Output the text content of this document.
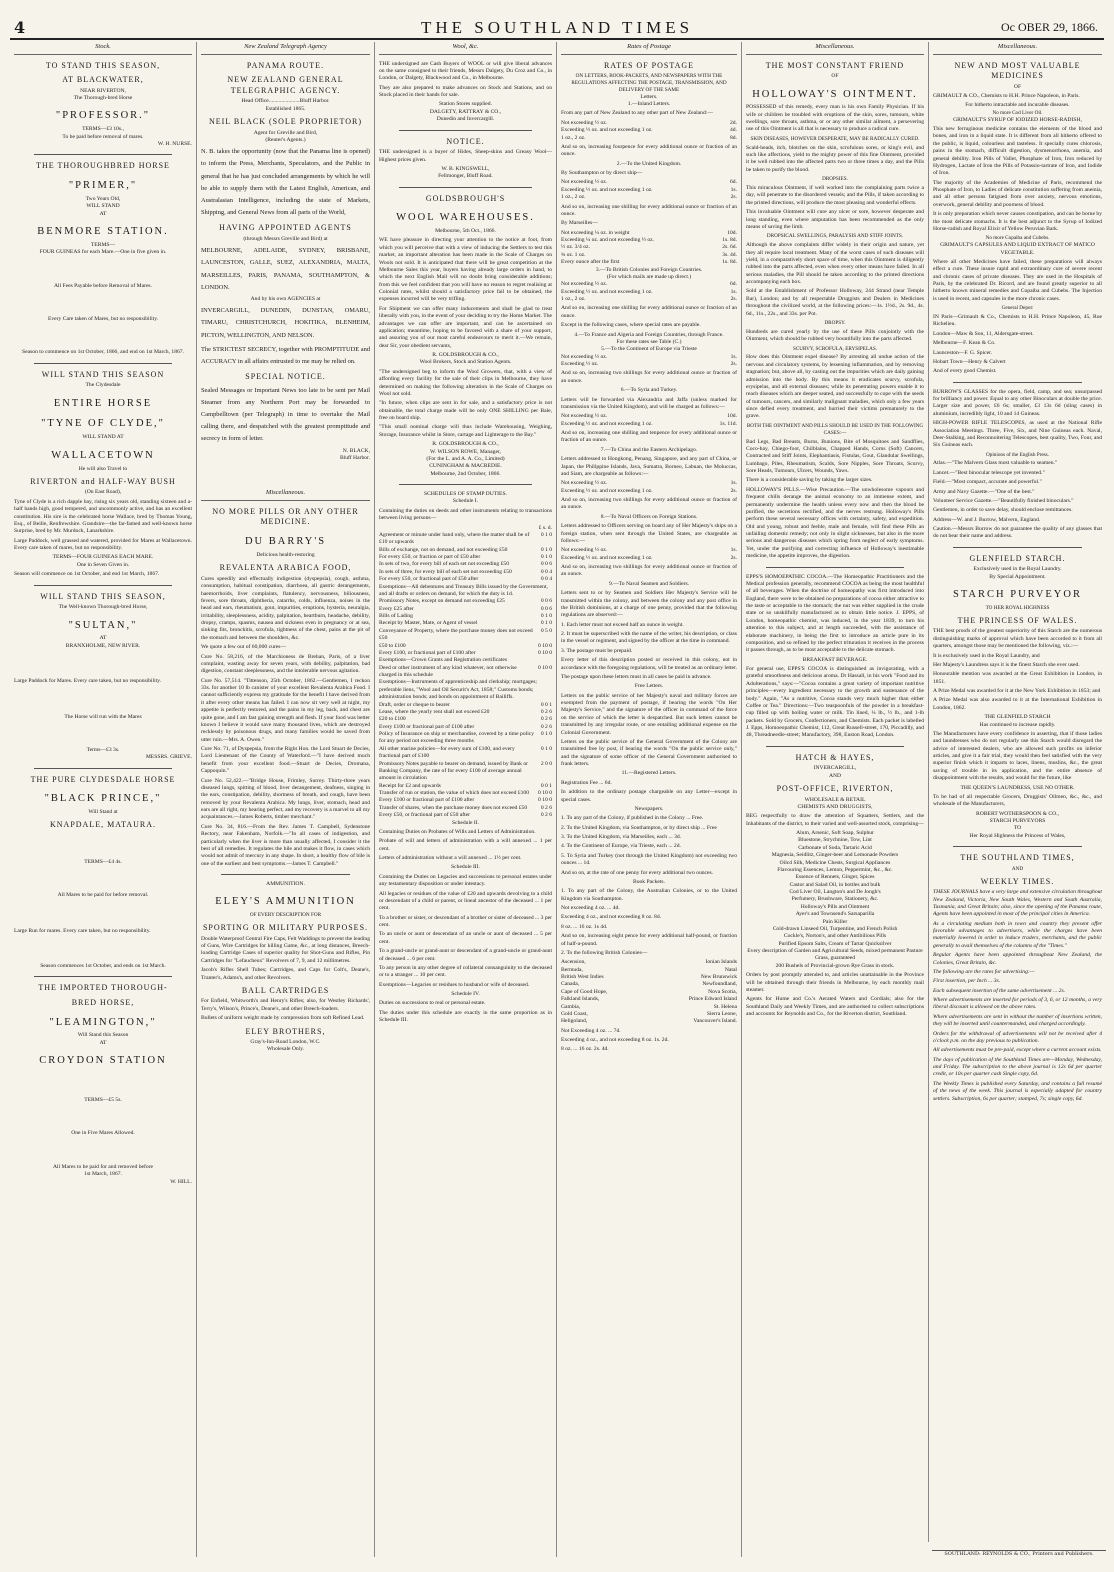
4	THE SOUTHLAND TIMES	Oc OBER 29, 1866.
Stock.
TO STAND THIS SEASON,
AT BLACKWATER,
NEAR RIVERTON,
The Thorough-bred Horse
"PROFESSOR."
TERMS—£3 10s.,
To be paid before removal of mares.
W. H. NURSE.
THE THOROUGHBRED HORSE
"PRIMER,"
Two Years Old,
WILL STAND
AT
BENMORE STATION.
TERMS—
FOUR GUINEAS for each Mare.—One in five given in.
All Fees Payable before Removal of Mares.
Every Care taken of Mares, but no responsibility.
Season to commence on 1st October, 1866, and end on 1st March, 1867.
WILL STAND THIS SEASON
The Clydesdale
ENTIRE HORSE
"TYNE OF CLYDE,"
WILL STAND AT
WALLACETOWN
He will also Travel to
RIVERTON and HALF-WAY BUSH
(On East Road),
Tyne of Clyde is a rich dapple bay, rising six years old, standing sixteen and a-half hands high, good tempered, and uncommonly active, and has an excellent constitution. His sire is the celebrated horse Wallace, bred by Thomas Young, Esq., of Beille, Renfrewshire. Grandsire—the far-famed and well-known horse Surprise, bred by Mr. Murdock, Lanarkshire.
Large Paddock, well grassed and watered, provided for Mares at Wallacetown. Every care taken of mares, but no responsibility.
TERMS—FOUR GUINEAS EACH MARE.
One in Seven Given in.
Season will commence on 1st October, and end 1st March, 1867.
WILL STAND THIS SEASON,
The Well-known Thorough-bred Horse,
"SULTAN,"
AT
BRANXHOLME, NEW RIVER.
Large Paddock for Mares. Every care taken, but no responsibility.
The Horse will run with the Mares
Terms—£3 3s.
MESSRS. GRIEVE.
THE PURE CLYDESDALE HORSE
"BLACK PRINCE,"
Will Stand at
KNAPDALE, MATAURA.
TERMS—£4 4s.
All Mares to be paid for before removal.
Large Run for mares. Every care taken, but no responsibility.
Season commences 1st October, and ends on 1st March.
THE IMPORTED THOROUGH-
BRED HORSE,
"LEAMINGTON,"
Will Stand this Season
AT
CROYDON STATION
TERMS—£5 5s.
One in Five Mares Allowed.
All Mares to be paid for and removed before
1st March, 1867.
W. HILL.
New Zealand Telegraph Agency
PANAMA ROUTE.
NEW ZEALAND GENERAL TELEGRAPHIC AGENCY.
Head Office......................Bluff Harbor.
Established 1865.
NEIL BLACK (SOLE PROPRIETOR)
Agent for Greville and Bird,
(Reuter's Agents.)
N. B. takes the opportunity (now that the Panama line is opened) to inform the Press, Merchants, Speculators, and the Public in general that he has just concluded arrangements by which he will be able to supply them with the Latest English, American, and Australasian Intelligence, including the state of Markets, Shipping, and General News from all parts of the World,
HAVING APPOINTED AGENTS
(through Messrs Greville and Bird) at
MELBOURNE, ADELAIDE, SYDNEY, BRISBANE, LAUNCESTON, GALLE, SUEZ, ALEXANDRIA, MALTA, MARSEILLES, PARIS, PANAMA, SOUTHAMPTON, & LONDON.
And by his own AGENCIES at
INVERCARGILL, DUNEDIN, DUNSTAN, OMARU, TIMARU, CHRISTCHURCH, HOKITIKA, BLENHEIM, PICTON, WELLINGTON, AND NELSON.
The STRICTEST SECRECY, together with PROMPTITUDE and ACCURACY in all affairs entrusted to me may be relied on.
SPECIAL NOTICE.
Sealed Messages or Important News too late to be sent per Mail Steamer from any Northern Port may be forwarded to Campbelltown (per Telegraph) in time to overtake the Mail calling there, and despatched with the greatest promptitude and secrecy in form of letter.
N. BLACK,
Bluff Harbor.
Miscellaneous.
NO MORE PILLS OR ANY OTHER MEDICINE.
DU BARRY'S
Delicious health-restoring
REVALENTA ARABICA FOOD,
Cures speedily and effectually indigestion (dyspepsia), cough, asthma, consumption, habitual constipation, diarrhoea, all gastric derangements, haemorrhoids, liver complaints, flatulency, nervousness, biliousness, fevers, sore throats, diphtheria, catarrhs, colds, influenza, noises in the head and ears, rheumatism, gout, impurities, eruptions, hysteria, neuralgia, irritability, sleeplessness, acidity, palpitation, heartburn, headache, debility, dropsy, cramps, spasms, nausea and sickness even in pregnancy or at sea, sinking fits, bronchitis, scrofula, tightness of the chest, pains at the pit of the stomach and between the shoulders, &c.
We quote a few out of 60,000 cures—
Cure No. 58,216, of the Marchioness de Brehan, Paris, of a liver complaint, wasting away for seven years, with debility, palpitation, bad digestion, constant sleeplessness, and the intolerable nervous agitation.
Cure No. 57,514. "Tittenson, 25th October, 1862.—Gentlemen, I reckon 33s. for another 10 lb canister of your excellent Revalenta Arabica Food. I cannot sufficiently express my gratitude for the benefit I have derived from it after every other means has failed. I can now sit very well at night, my appetite is perfectly restored, and the pains in my leg, back, and chest are quite gone, and I am fast gaining strength and flesh. If your food was better known I believe it would save many thousand lives, which are destroyed recklessly by poisonous drugs, and many families would be saved from utter ruin.—Mrs. A. Owen."
Cure No. 71, of Dyspepsia, from the Right Hon. the Lord Stuart de Decies, Lord Lieutenant of the County of Waterford.—"I have derived much benefit from your excellent food.—Stuart de Decies, Dromana, Cappoquin."
Cure No. 52,422.—"Bridge House, Frimley, Surrey. Thirty-three years diseased lungs, spitting of blood, liver derangement, deafness, singing in the ears, constipation, debility, shortness of breath, and cough, have been removed by your Revalenta Arabica. My lungs, liver, stomach, head and ears are all right, my hearing perfect, and my recovery is a marvel to all my acquaintances.—James Roberts, timber merchant."
Cure No. 34, 816.—From the Rev. James T. Campbell, Sydenstone Rectory, near Fakenham, Norfolk.—"In all cases of indigestion, and particularly when the liver is more than usually affected, I consider it the best of all remedies. It regulates the bile and makes it flow, in cases which would not admit of mercury in any shape. In short, a healthy flow of bile is one of the earliest and best symptoms.—James T. Campbell."
AMMUNITION.
ELEY'S AMMUNITION
OF EVERY DESCRIPTION FOR
SPORTING OR MILITARY PURPOSES.
Double Waterproof Central Fire Caps, Felt Waddings to prevent the leading of Guns, Wire Cartridges for killing Game, &c., at long distances, Breech-loading Cartridge Cases of superior quality for Shot-Guns and Rifles, Pin Cartridges for "Lefaucheux" Revolvers of 7, 9, and 12 millimetres.
Jacob's Rifles Shell Tubes; Cartridges, and Caps for Colt's, Deane's, Tranter's, Adams's, and other Revolvers.
BALL CARTRIDGES
For Enfield, Whitworth's and Henry's Rifles; also, for Westley Richards', Terry's, Wilson's, Prince's, Deane's, and other Breech-loaders.
Bullets of uniform weight made by compression from soft Refined Lead.
ELEY BROTHERS,
Gray's-Inn-Road London, W.C.
Wholesale Only.
Wool, &c.
THE undersigned are Cash Buyers of WOOL or will give liberal advances on the same consigned to their friends, Messrs Dalgety, Du Croz and Co., in London, or Dalgety, Blackwood and Co., in Melbourne.
They are also prepared to make advances on Stock and Stations, and on Stock placed in their hands for sale.
Station Stores supplied.
DALGETY, RATTRAY & CO.,
Dunedin and Invercargill.
NOTICE.
THE undersigned is a buyer of Hides, Sheep-skins and Greasy Wool—Highest prices given.
W. B. KINGSWELL,
Fellmonger, Bluff Road.
GOLDSBROUGH'S
WOOL WAREHOUSES.
Melbourne, 5th Oct., 1866.
WE have pleasure in directing your attention to the notice at foot, from which you will perceive that with a view of inducing the Settlers to test this market, an important alteration has been made in the Scale of Charges on Wools not sold. It is anticipated that there will be great competition at the Melbourne Sales this year, buyers having already large orders in hand, to which the next English Mail will no doubt bring considerable additions; from this we feel confident that you will have no reason to regret realising at Colonial rates, whilst should a satisfactory price fail to be obtained, the expenses incurred will be very trifling.
For Shipment we can offer many inducements and shall be glad to treat liberally with you, in the event of your deciding to try the Home Market. The advantages we can offer are important, and can be ascertained on application; meantime, hoping to be favored with a share of your support, and assuring you of our most careful endeavours to merit it.—We remain, dear Sir, your obedient servants,
R. GOLDSBROUGH & CO.,
Wool Brokers, Stock and Station Agents.
"The undersigned beg to inform the Wool Growers, that, with a view of affording every facility for the sale of their clips in Melbourne, they have determined on making the following alteration in the Scale of Charges on Wool not sold.
"In future, when clips are sent in for sale, and a satisfactory price is not obtainable, the total charge made will be only ONE SHILLING per Bale, free on board ship.
"This small nominal charge will thus include Warehousing, Weighing, Storage, Insurance whilst in Store, cartage and Lighterage to the Bay."
R. GOLDSBROUGH & CO.,
W. WILSON ROWE, Manager,
(For the L. and A. A. Co., Limited)
CUNINGHAM & MACREDIE.
Melbourne, 2nd October, 1866.
SCHEDULES OF STAMP DUTIES.
Schedule I.
Containing the duties on deeds and other instruments relating to transactions between living persons—
£ s. d.
Agreement or minute under hand only, where the matter shall be of £10 or upwards
0 1 0
Bills of exchange, not on demand, and not exceeding £50	0 1 0
For every £50, or fraction or part of £50 after	0 1 0
In sets of two, for every bill of each set not exceeding £50	0 0 6
In sets of three, for every bill of each set not exceeding £50	0 0 4
For every £50, or fractional part of £50 after	0 0 4
Exemptions—All debentures and Treasury Bills issued by the Government, and all drafts or orders on demand, for which the duty is 1d.
Promissory Notes, except on demand not exceeding £25	0 0 6
Every £25 after	0 0 6
Bills of Lading	0 1 0
Receipt by Master, Mate, or Agent of vessel	0 1 0
Conveyance of Property, where the purchase money does not exceed £50
0 5 0
£50 to £100	0 10 0
Every £100, or fractional part of £100 after	0 10 0
Exemptions—Crown Grants and Registration certificates
Deed or other instrument of any kind whatever, not otherwise charged in this schedule
0 10 0
Exemptions—Instruments of apprenticeship and clerkship; mortgages; preferable liens, "Wool and Oil Securit's Act, 1858;" Customs bonds; administration bonds; and bonds on appointment of Bailiffs.
Draft, order or cheque to bearer	0 0 1
Lease, where the yearly rent shall not exceed £20	0 2 6
£20 to £100	0 2 6
Every £100 or fractional part of £100 after	0 2 6
Policy of Insurance on ship or merchandise, covered by a time policy for any period not exceeding three months
0 1 0
All other marine policies—for every sum of £100, and every fractional part of £100
0 1 0
Promissory Notes payable to bearer on demand, issued by Bank or Banking Company, the rate of for every £100 of average annual amount in circulation
2 0 0
Receipt for £2 and upwards	0 0 1
Transfer of run or station, the value of which does not exceed £100	0 10 0
Every £100 or fractional part of £100 after	0 10 0
Transfer of shares, when the purchase money does not exceed £50	0 2 6
Every £50, or fractional part of £50 after	0 2 6
Schedule II.
Containing Duties on Probates of Wills and Letters of Administration.
Probate of will and letters of administration with a will annexed ... 1 per cent.
Letters of administration without a will annexed ... 1½ per cent.
Schedule III.
Containing the Duties on Legacies and successions to personal estates under any testamentary disposition or under intestacy.
All legacies or residues of the value of £20 and upwards devolving to a child or descendant of a child or parent, or lineal ancestor of the deceased ... 1 per cent.
To a brother or sister, or descendant of a brother or sister of deceased ... 3 per cent.
To an uncle or aunt or descendant of an uncle or aunt of deceased ... 5 per cent.
To a grand-uncle or grand-aunt or descendant of a grand-uncle or grand-aunt of deceased ... 6 per cent.
To any person in any other degree of collateral consanguinity to the deceased or to a stranger ... 10 per cent.
Exemptions—Legacies or residues to husband or wife of deceased.
Schedule IV.
Duties on successions to real or personal estate.
The duties under this schedule are exactly in the same proportion as in Schedule III.
Rates of Postage
RATES OF POSTAGE
ON LETTERS, BOOK-PACKETS, AND NEWSPAPERS WITH THE REGULATIONS AFFECTING THE POSTAGE, TRANSMISSION, AND DELIVERY OF THE SAME
Letters.
1.—Inland Letters.
From any part of New Zealand to any other part of New Zealand:—
Not exceeding ½ oz.	2d.
Exceeding ½ oz. and not exceeding 1 oz.	4d.
1 oz., 2 oz.	8d.
And so on, increasing fourpence for every additional ounce or fraction of an ounce.
2.—To the United Kingdom.
By Southampton or by direct ship—
Not exceeding ½ oz.	6d.
Exceeding ½ oz. and not exceeding 1 oz.	1s.
1 oz., 2 oz.	2s.
And so on, increasing one shilling for every additional ounce or fraction of an ounce.
By Marseilles—
Not exceeding ¼ oz. in weight	10d.
Exceeding ¼ oz. and not exceeding ½ oz.	1s. 8d.
½ oz. 3/4 oz.	2s. 6d.
¾ oz. 1 oz.	3s. 4d.
Every ounce after the first	1s. 8d.
3.—To British Colonies and Foreign Countries.
(For which mails are made up direct.)
Not exceeding ½ oz.	6d.
Exceeding ½ oz. and not exceeding 1 oz.	1s.
1 oz., 2 oz.	2s.
And so on, increasing one shilling for every additional ounce or fraction of an ounce.
Except in the following cases, where special rates are payable.
4.—To France and Algeria and Foreign Countries, through France.
For these rates see Table (C.)
5.—To the Continent of Europe via Trieste
Not exceeding ½ oz.	1s.
Exceeding ½ oz.	2s.
And so on, increasing two shillings for every additional ounce or fraction of an ounce.
6.—To Syria and Turkey.
Letters will be forwarded via Alexandria and Jaffa (unless marked for transmission via the United Kingdom), and will be charged as follows:—
Not exceeding ½ oz.	10d.
Exceeding ½ oz. and not exceeding 1 oz.	1s. 11d.
And so on, increasing one shilling and tenpence for every additional ounce or fraction of an ounce.
7.—To China and the Eastern Archipelago.
Letters addressed to Hongkong, Penang, Singapore, and any part of China, or Japan, the Philippine Islands, Java, Sumatra, Borneo, Labuan, the Moluccas, and Siam, are chargeable as follows:—
Not exceeding ½ oz.	1s.
Exceeding ½ oz. and not exceeding 1 oz.	2s.
And so on, increasing two shillings for every additional ounce or fraction of an ounce.
8.—To Naval Officers on Foreign Stations.
Letters addressed to Officers serving on board any of Her Majesty's ships on a foreign station, when sent through the United States, are chargeable as follows:—
Not exceeding ½ oz.	1s.
Exceeding ½ oz. and not exceeding 1 oz.	2s.
And so on, increasing two shillings for every additional ounce or fraction of an ounce.
9.—To Naval Seamen and Soldiers.
Letters sent to or by Seamen and Soldiers Her Majesty's Service will be transmitted within the colony, and between the colony and any post office in the British dominions, at a charge of one penny, provided that the following regulations are observed:—
1. Each letter must not exceed half an ounce in weight.
2. It must be superscribed with the name of the writer, his description, or class in the vessel or regiment, and signed by the officer at the time in command.
3. The postage must be prepaid.
Every letter of this description posted or received in this colony, not in accordance with the foregoing regulations, will be treated as an ordinary letter.
The postage upon these letters must in all cases be paid in advance.
Free Letters.
Letters on the public service of her Majesty's naval and military forces are exempted from the payment of postage, if bearing the words "On Her Majesty's Service," and the signature of the officer in command of the force on the service of which the letter is despatched. But such letters cannot be transmitted by any irregular route, or one entailing additional expense on the Colonial Government.
Letters on the public service of the General Government of the Colony are transmitted free by post, if bearing the words "On the public service only," and the signature of some officer of the General Government authorised to frank letters.
11.—Registered Letters.
Registration Fee ... 6d.
In addition to the ordinary postage chargeable on any Letter—except in special cases.
Newspapers.
1. To any part of the Colony, if published in the Colony ... Free.
2. To the United Kingdom, via Southampton, or by direct ship ... Free
3. To the United Kingdom, via Marseilles, each ... 3d.
4. To the Continent of Europe, via Trieste, each ... 2d.
5. To Syria and Turkey (not through the United Kingdom) not exceeding two ounces ... 1d.
And so on, at the rate of one penny for every additional two ounces.
Book Packets.
1. To any part of the Colony, the Australian Colonies, or to the United Kingdom via Southampton.
Not exceeding 4 oz. ... 4d.
Exceeding 4 oz., and not exceeding 8 oz. 8d.
8 oz. ... 16 oz. 1s 4d.
And so on, increasing eight pence for every additional half-pound, or fraction of half-a-pound.
2. To the following British Colonies—
Ascension,	Ionian Islands
Bermuda,	Natal
British West Indies	New Brunswick
Canada,	Newfoundland,
Cape of Good Hope,	Nova Scotia,
Falkland Islands,	Prince Edward Island
Gambia,	St. Helena
Gold Coast,	Sierra Leone,
Heligoland,	Vancouver's Island.
Not Exceeding 4 oz. ... 7d.
Exceeding 4 oz., and not exceeding 8 oz. 1s. 2d.
8 oz. ... 16 oz. 2s. 4d.
Miscellaneous.
THE MOST CONSTANT FRIEND
OF
HOLLOWAY'S OINTMENT.
POSSESSED of this remedy, every man is his own Family Physician. If his wife or children be troubled with eruptions of the skin, sores, tumours, white swellings, sore throats, asthma, or or any other similar ailment, a persevering use of this Ointment is all that is necessary to produce a radical cure.
SKIN DISEASES, HOWEVER DESPERATE, MAY BE RADICALLY CURED.
Scald-heads, itch, blotches on the skin, scrofulous sores, or king's evil, and such like affections, yield to the mighty power of this fine Ointment, provided it be well rubbed into the affected parts two or three times a day, and the Pills be taken to purify the blood.
DROPSIES.
This miraculous Ointment, if well worked into the complaining parts twice a day, will penetrate to the disordered vessels; and the Pills, if taken according to the printed directions, will produce the most pleasing and wonderful effects.
This invaluable Ointment will cure any ulcer or sore, however desperate and long standing, even where amputation has been recommended as the only means of saving the limb.
DROPSICAL SWELLINGS, PARALYSIS AND STIFF JOINTS.
Although the above complaints differ widely in their origin and nature, yet they all require local treatment. Many of the worst cases of such diseases will yield, in a comparatively short space of time, when this Ointment is diligently rubbed into the parts affected, even when every other means have failed. In all serious maladies, the Pill should be taken according to the printed directions accompanying each box.
Sold at the Establishment of Professor Holloway, 244 Strand (near Temple Bar), London; and by all respectable Druggists and Dealers in Medicines throughout the civilized world, at the following prices:—1s. 1½d., 2s. 9d., 4s. 6d., 11s., 22s., and 33s. per Pot.
DROPSY.
Hundreds are cured yearly by the use of these Pills conjointly with the Ointment, which should be rubbed very bountifully into the parts affected.
SCURVY, SCROFULA, ERYSIPELAS.
How does this Ointment expel disease? By arresting all undue action of the nervous and circulatory systems, by lessening inflammation, and by removing stagnation; but, above all, by casting out the impurities which are daily gaining admission into the body. By this means it eradicates scurvy, scrofula, erysipelas, and all external diseases; while its penetrating powers enable it to reach diseases which are deeper seated, and successfully to cope with the seeds of tumours, cancers, and similarly malignant maladies, which only a few years since defied every treatment, and hurried their victims prematurely to the grave.
BOTH THE OINTMENT AND PILLS SHOULD BE USED IN THE FOLLOWING CASES:—
Bad Legs, Bad Breasts, Burns, Bunions, Bite of Mosquitoes and Sandflies, Coco-bay, Chiego-foot, Chilblains, Chapped Hands, Corns (Soft) Cancers, Contracted and Stiff Joints, Elephantiasis, Fistulas, Gout, Glandular Swellings, Lumbago, Piles, Rheumatism, Scalds, Sore Nipples, Sore Throats, Scurvy, Sore Heads, Tumours, Ulcers, Wounds, Yaws.
There is a considerable saving by taking the larger sizes.
HOLLOWAY'S PILLS.—Wise Precaution.—The unwholesome vapours and frequent chills derange the animal economy to an immense extent, and permanently undermine the health unless every now and then the blood be purified, the secretions rectified, and the nerves restrung. Holloway's Pills perform these several necessary offices with certainty, safety, and expedition. Old and young, robust and feeble, male and female, will find these Pills an unfailing domestic remedy; not only in slight sicknesses, but also in the more serious and dangerous diseases which spring from neglect of early symptoms. Yet, under the purifying and correcting influence of Holloway's inestimable medicine, the appetite improves, the digestion.
EPPS'S HOMOEPATHIC COCOA.—The Homeopathic Practitioners and the Medical profession generally, recommend COCOA as being the most healthful of all beverages. When the doctrine of homeopathy was first introduced into England, there were to be obtained no preparations of cocoa either attractive to the taste or acceptable to the stomach; the nut was either supplied in the crude state or so unskilfully manufactured as to obtain little notice. J. EPPS, of London, homeopathic chemist, was induced, in the year 1839, to turn his attention to this subject, and at length succeeded, with the assistance of elaborate machinery, in being the first to introduce an article pure in its composition, and so refined by the perfect trituration it receives in the process it passes through, as to be most acceptable to the delicate stomach.
BREAKFAST BEVERAGE.
For general use, EPPS'S COCOA is distinguished as invigorating, with a grateful smoothness and delicious aroma. Dr Hassall, in his work "Food and its Adulterations," says:—"Cocoa contains a great variety of important nutritive principles—every ingredient necessary to the growth and sustenance of the body." Again, "As a nutritive, Cocoa stands very much higher than either Coffee or Tea." Directions:—Two teaspoonfuls of the powder in a breakfast-cup filled up with boiling water or milk. Tin lined, ¼ lb., ½ lb., and 1-lb packets. Sold by Grocers, Confectioners, and Chemists. Each packet is labelled J. Epps, Homoeopathic Chemist, 112, Great Russell-street, 170, Piccadilly, and 48, Threadneedle-street; Manufactory, 398, Euston Road, London.
HATCH & HAYES,
INVERCARGILL,
AND
POST-OFFICE, RIVERTON,
WHOLESALE & RETAIL
CHEMISTS AND DRUGGISTS,
BEG respectfully to draw the attention of Squatters, Settlers, and the Inhabitants of the district, to their varied and well-assorted stock, comprising—
Alum, Arsenic, Soft Soap, Sulphur
Bluestone, Strychnine, Tow, Lint
Carbonate of Soda, Tartaric Acid
Magnesia, Seidlitz, Ginger-beer and Lemonade Powders
Oilcd Silk, Medicine Chests, Surgical Appliances
Flavouring Essences, Lemon, Peppermint, &c., &c.
Essence of Rennets, Ginger, Spices
Castor and Salad Oil, in bottles and bulk
Cod Liver Oil, Langton's and De Jongh's
Perfumery, Brushware, Stationery, &c.
Holloway's Pills and Ointment
Ayer's and Townsend's Sarsaparilla
Pain Killer
Cold-drawn Linseed Oil, Turpentine, and French Polish
Cockle's, Norton's, and other Antibilious Pills
Purified Epsom Salts, Cream of Tartar Quicksilver
Every description of Garden and Agricultural Seeds, mixed permanent Pasture Grass, guaranteed
200 Bushels of Provincial-grown Rye Grass in stock.
Orders by post promptly attended to, and articles unattainable in the Province will be obtained through their friends in Melbourne, by each monthly mail steamer.
Agents for Hume and Co.'s Aerated Waters and Cordials; also for the Southland Daily and Weekly Times, and are authorised to collect subscriptions and accounts for Reynolds and Co., for the Riverton district, Southland.
Miscellaneous.
NEW AND MOST VALUABLE MEDICINES
OF
GRIMAULT & CO., Chemists to H.H. Prince Napoleon, in Paris.
For hitherto intractable and incurable diseases.
No more Cod Liver Oil.
GRIMAULT'S SYRUP OF IODIZED HORSE-RADISH,
This new ferruginous medicine contains the elements of the blood and bones, and iron in a liquid state. It is different from all hitherto offered to the public, is liquid, colourless and tasteless. It specially cures chlorosis, pains in the stomach, difficult digestion, dysmenorrhoea, anemia, and general debility. Iron Pills of Vallet, Phosphate of Iron, Iron reduced by Hydrogen, Lactate of Iron the Pills of Potassio-tartrate of Iron, and Iodide of Iron.
The majority of the Academies of Medicine of Paris, recommend the Phosphate of Iron, to Ladies of delicate constitution suffering from anemia, and all other persons fatigued from over anxiety, nervous emotions, overwork, general debility and poorness of blood.
It is only preparation which never causes constipation, and can be borne by the most delicate stomachs. It is the best adjunct to the Syrup of Iodized Horse-radish and Royal Elixir of Yellow Peruvian Bark.
No more Copaiba and Cubebs.
GRIMAULT'S CAPSULES AND LIQUID EXTRACT OF MATICO VEGETABLE.
Where all other Medicines have failed, these preparations will always effect a cure. These insure rapid and extraordinary cure of severe recent and chronic cases of private diseases. They are used in the Hospitals of Paris, by the celebrated Dr. Ricord, and are found greatly superior to all hitherto known mineral remedies and Copaiba and Cubebs. The Injection is used in recent, and capsules in the more chronic cases.
General Depot:
IN Paris—Grimault & Co., Chemists to H.H. Prince Napoleon, 45, Rue Richelieu.
London—Maw & Son, 11, Aldersgate-street.
Melbourne—F. Kean & Co.
Launceston—F. G. Spicer.
Hobart Town—Henry & Calvert
And of every good Chemist.
BURROW'S GLASSES for the opera, field, camp, and sea; unsurpassed for brilliancy and power. Equal to any other Binoculars at double the price. Larger size and power, £6 6s; smaller, £3 13s 6d (sling cases) in aluminium, incredibly light, 10 and 14 Guineas.
HIGH-POWER RIFLE TELESCOPES, as used at the National Rifle Association Meetings. Three, Five, Six, and Nine Guineas each. Naval, Deer-Stalking, and Reconnoitering Telescopes, best quality, Two, Four, and Six Guineas each.
Opinions of the English Press.
Atlas.—"The Malvern Glass most valuable to seamen."
Lancet.—"Best binocular telescope yet invented."
Field.—"Most compact, accurate and powerful."
Army and Navy Gazette.—"One of the best."
Volunteer Service Gazette.—"Beautifully finished binoculars."
Gentlemen, in order to save delay, should enclose remittances.
Address—W. and J. Burrow, Malvern, England.
Caution.—Messrs Burrow do not guarantee the quality of any glasses that do not bear their name and address.
GLENFIELD STARCH.
Exclusively used in the Royal Laundry.
By Special Appointment.
STARCH PURVEYOR
TO HER ROYAL HIGHNESS
THE PRINCESS OF WALES.
THE best proofs of the greatest superiority of this Starch are the numerous distinguishing marks of approval which have been accorded to it from all quarters, amongst those may be mentioned the following, viz.:—
It is exclusively used in the Royal Laundry, and
Her Majesty's Laundress says it is the finest Starch she ever used.
Honourable mention was awarded at the Great Exhibition in London, in 1851.
A Prize Medal was awarded for it at the New York Exhibition in 1853; and
A Prize Medal was also awarded to it at the International Exhibition in London, 1862.
THE GLENFIELD STARCH
Has continued to increase rapidly.
The Manufacturers have every confidence in asserting, that if those ladies and laundresses who do not regularly use this Starch would disregard the advice of interested dealers, who are allowed such profits on inferior articles, and give it a fair trial, they would then feel satisfied with the very superior finish which it imparts to laces, linens, muslins, &c., the great saving of trouble in its application, and the entire absence of disappointment with the results, and would for the future, like
THE QUEEN'S LAUNDRESS, USE NO OTHER.
To be had of all respectable Grocers, Druggists' Oilmen, &c., &c., and wholesale of the Manufacturers,
ROBERT WOTHERSPOON & CO.,
STARCH PURVEYORS
TO
Her Royal Highness the Princess of Wales,
THE SOUTHLAND TIMES,
AND
WEEKLY TIMES.
THESE JOURNALS have a very large and extensive circulation throughout New Zealand, Victoria, New South Wales, Western and South Australia, Tasmania, and Great Britain; also, since the opening of the Panama route, Agents have been appointed in most of the principal cities in America.
As a circulating medium both in town and country they present offer favorable advantages to advertisers, while the charges have been materially lowered in order to induce traders, merchants, and the public generally to avail themselves of the columns of the "Times."
Regular Agents have been appointed throughout New Zealand, the Colonies, Great Britain, &c.
The following are the rates for advertising:—
First insertion, per Inch ... 3s.
Each subsequent insertion of the same advertisement ... 2s.
Where advertisements are inserted for periods of 3, 6, or 12 months, a very liberal discount is allowed on the above rates.
Where advertisements are sent in without the number of insertions written, they will be inserted until countermanded, and charged accordingly.
Orders for the withdrawal of advertisements will not be received after 4 o'clock p.m. on the day previous to publication.
All advertisements must be pre-paid, except where a current account exists.
The days of publication of the Southland Times are—Monday, Wednesday, and Friday. The subscription to the above journal is 12s 6d per quarter credit, or 10s per quarter cash Single copy, 6d.
The Weekly Times is published every Saturday, and contains a full resumé of the news of the week. This journal is especially adapted for country settlers. Subscription, 6s per quarter; stamped, 7s; single copy, 6d.
SOUTHLAND: REYNOLDS & CO., Printers and Publishers.
